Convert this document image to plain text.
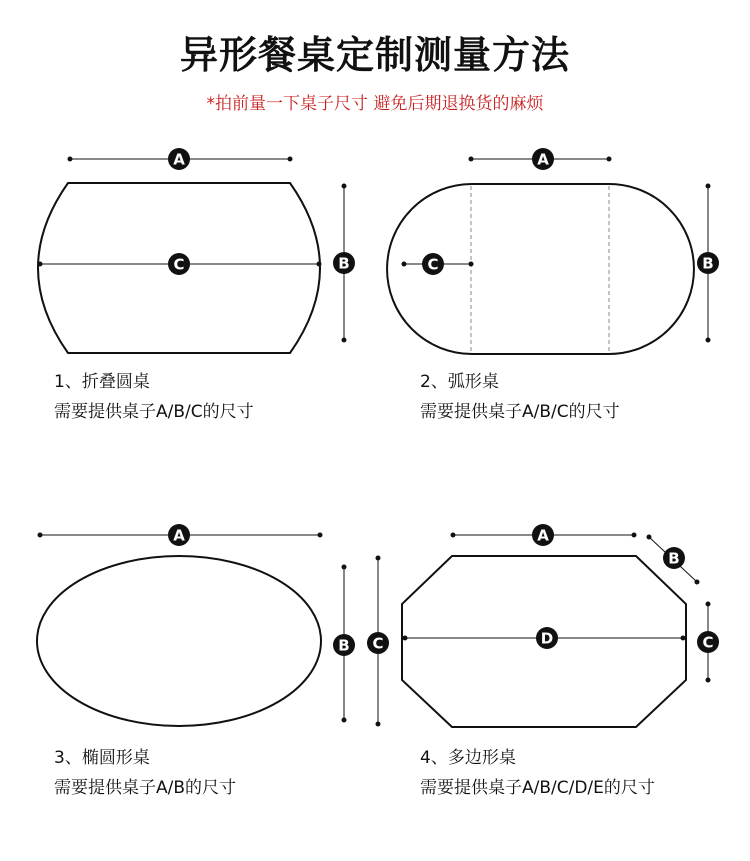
异形餐桌定制测量方法
*拍前量一下桌子尺寸 避免后期退换货的麻烦
A
C	B
A
C	B
A
B C
A
B
D	C
1、折叠圆桌
需要提供桌子A/B/C的尺寸
2、弧形桌
需要提供桌子A/B/C的尺寸
3、椭圆形桌
需要提供桌子A/B的尺寸
4、多边形桌
需要提供桌子A/B/C/D/E的尺寸
